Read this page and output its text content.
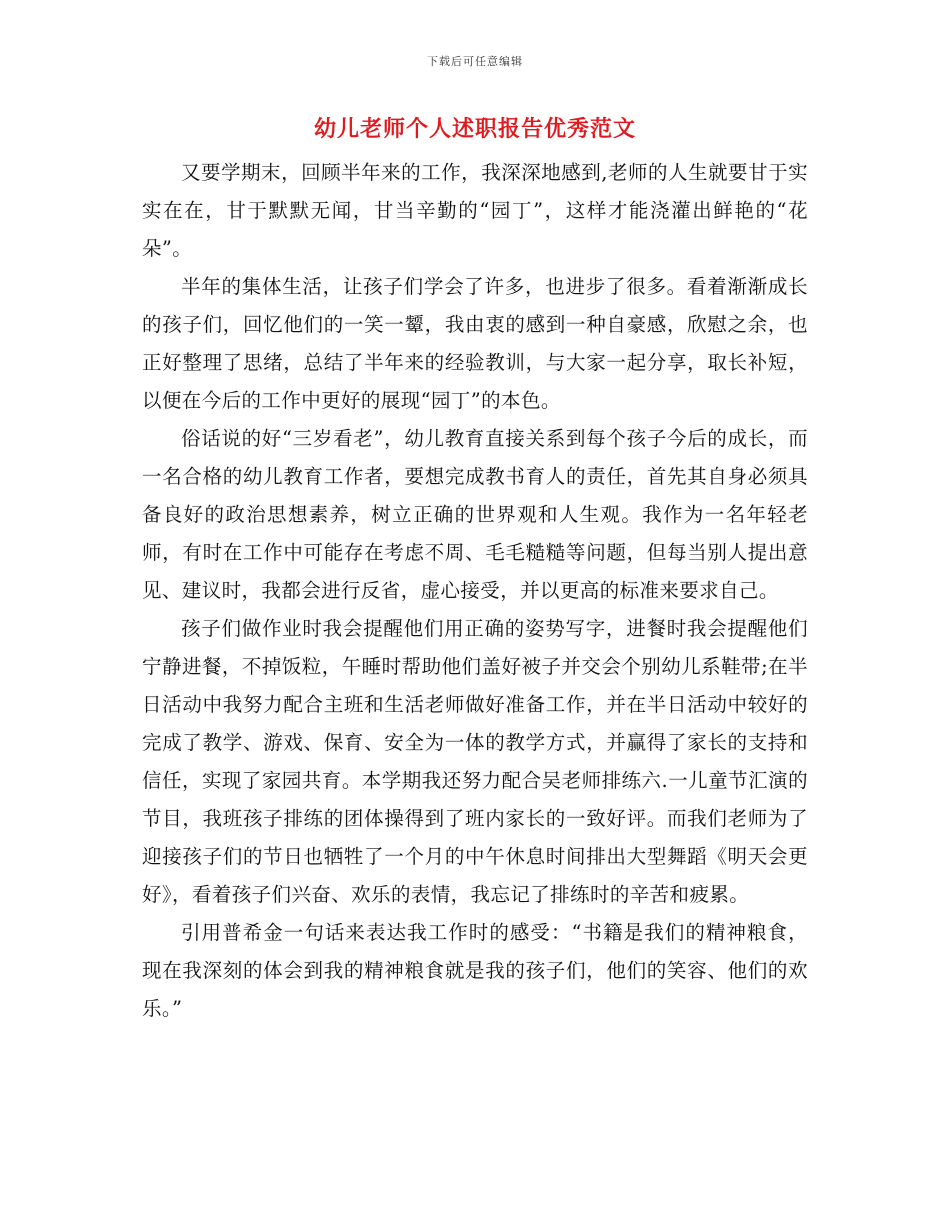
下载后可任意编辑
幼儿老师个人述职报告优秀范文

又要学期末，回顾半年来的工作，我深深地感到,老师的人生就要甘于实实在在，甘于默默无闻，甘当辛勤的“园丁”，这样才能浇灌出鲜艳的“花朵”。

半年的集体生活，让孩子们学会了许多，也进步了很多。看着渐渐成长的孩子们，回忆他们的一笑一颦，我由衷的感到一种自豪感，欣慰之余，也正好整理了思绪，总结了半年来的经验教训，与大家一起分享，取长补短，以便在今后的工作中更好的展现“园丁”的本色。

俗话说的好“三岁看老”，幼儿教育直接关系到每个孩子今后的成长，而一名合格的幼儿教育工作者，要想完成教书育人的责任，首先其自身必须具备良好的政治思想素养，树立正确的世界观和人生观。我作为一名年轻老师，有时在工作中可能存在考虑不周、毛毛糙糙等问题，但每当别人提出意见、建议时，我都会进行反省，虚心接受，并以更高的标准来要求自己。

孩子们做作业时我会提醒他们用正确的姿势写字，进餐时我会提醒他们宁静进餐，不掉饭粒，午睡时帮助他们盖好被子并交会个别幼儿系鞋带;在半日活动中我努力配合主班和生活老师做好准备工作，并在半日活动中较好的完成了教学、游戏、保育、安全为一体的教学方式，并赢得了家长的支持和信任，实现了家园共育。本学期我还努力配合吴老师排练六.一儿童节汇演的节目，我班孩子排练的团体操得到了班内家长的一致好评。而我们老师为了迎接孩子们的节日也牺牲了一个月的中午休息时间排出大型舞蹈《明天会更好》，看着孩子们兴奋、欢乐的表情，我忘记了排练时的辛苦和疲累。

引用普希金一句话来表达我工作时的感受：“书籍是我们的精神粮食，现在我深刻的体会到我的精神粮食就是我的孩子们，他们的笑容、他们的欢乐。”
